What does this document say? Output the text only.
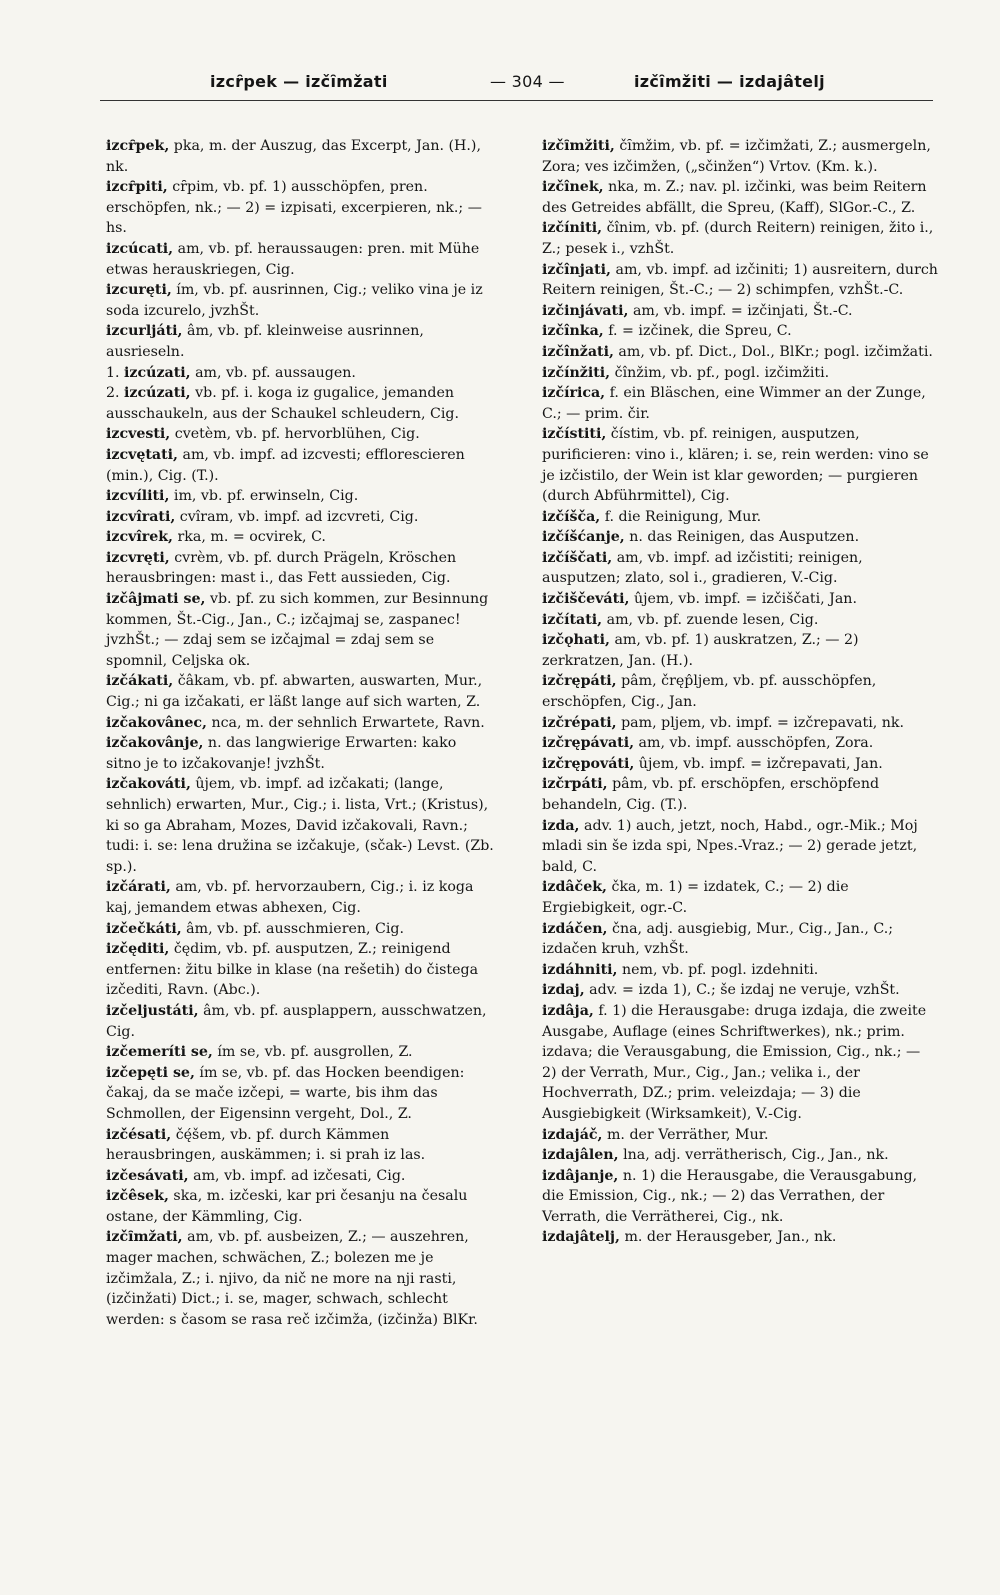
izcȓpek — izčȋmžati	— 304 —	izčȋmžiti — izdajâtelj
izcȓpek, pka, m. der Auszug, das Excerpt, Jan. (H.), nk.
izcȓpiti, cȓpim, vb. pf. 1) ausschöpfen, pren. erschöpfen, nk.; — 2) = izpisati, excerpieren, nk.; — hs.
izcúcati, am, vb. pf. heraussaugen: pren. mit Mühe etwas herauskriegen, Cig.
izcuręti, ím, vb. pf. ausrinnen, Cig.; veliko vina je iz soda izcurelo, jvzhŠt.
izcurljáti, âm, vb. pf. kleinweise ausrinnen, ausrieseln.
1. izcúzati, am, vb. pf. aussaugen.
2. izcúzati, vb. pf. i. koga iz gugalice, jemanden ausschaukeln, aus der Schaukel schleudern, Cig.
izcvesti, cvetèm, vb. pf. hervorblühen, Cig.
izcvętati, am, vb. impf. ad izcvesti; efflorescieren (min.), Cig. (T.).
izcvíliti, im, vb. pf. erwinseln, Cig.
izcvîrati, cvîram, vb. impf. ad izcvreti, Cig.
izcvîrek, rka, m. = ocvirek, C.
izcvręti, cvrèm, vb. pf. durch Prägeln, Kröschen herausbringen: mast i., das Fett aussieden, Cig.
izčâjmati se, vb. pf. zu sich kommen, zur Besinnung kommen, Št.-Cig., Jan., C.; izčajmaj se, zaspanec! jvzhŠt.; — zdaj sem se izčajmal = zdaj sem se spomnil, Celjska ok.
izčákati, čâkam, vb. pf. abwarten, auswarten, Mur., Cig.; ni ga izčakati, er läßt lange auf sich warten, Z.
izčakovânec, nca, m. der sehnlich Erwartete, Ravn.
izčakovânje, n. das langwierige Erwarten: kako sitno je to izčakovanje! jvzhŠt.
izčakováti, ûjem, vb. impf. ad izčakati; (lange, sehnlich) erwarten, Mur., Cig.; i. lista, Vrt.; (Kristus), ki so ga Abraham, Mozes, David izčakovali, Ravn.; tudi: i. se: lena družina se izčakuje, (sčak-) Levst. (Zb. sp.).
izčárati, am, vb. pf. hervorzaubern, Cig.; i. iz koga kaj, jemandem etwas abhexen, Cig.
izčečkáti, âm, vb. pf. ausschmieren, Cig.
izčęditi, čędim, vb. pf. ausputzen, Z.; reinigend entfernen: žitu bilke in klase (na rešetih) do čistega izčediti, Ravn. (Abc.).
izčeljustáti, âm, vb. pf. ausplappern, ausschwatzen, Cig.
izčemeríti se, ím se, vb. pf. ausgrollen, Z.
izčepęti se, ím se, vb. pf. das Hocken beendigen: čakaj, da se mače izčepi, = warte, bis ihm das Schmollen, der Eigensinn vergeht, Dol., Z.
izčésati, čę́šem, vb. pf. durch Kämmen herausbringen, auskämmen; i. si prah iz las.
izčesávati, am, vb. impf. ad izčesati, Cig.
izčêsek, ska, m. izčeski, kar pri česanju na česalu ostane, der Kämmling, Cig.
izčȋmžati, am, vb. pf. ausbeizen, Z.; — auszehren, mager machen, schwächen, Z.; bolezen me je izčimžala, Z.; i. njivo, da nič ne more na nji rasti, (izčinžati) Dict.; i. se, mager, schwach, schlecht werden: s časom se rasa reč izčimža, (izčinža) BlKr.
izčȋmžiti, čȋmžim, vb. pf. = izčimžati, Z.; ausmergeln, Zora; ves izčimžen, („sčinžen“) Vrtov. (Km. k.).
izčînek, nka, m. Z.; nav. pl. izčinki, was beim Reitern des Getreides abfällt, die Spreu, (Kaff), SlGor.-C., Z.
izčíniti, čînim, vb. pf. (durch Reitern) reinigen, žito i., Z.; pesek i., vzhŠt.
izčînjati, am, vb. impf. ad izčiniti; 1) ausreitern, durch Reitern reinigen, Št.-C.; — 2) schimpfen, vzhŠt.-C.
izčinjávati, am, vb. impf. = izčinjati, Št.-C.
izčînka, f. = izčinek, die Spreu, C.
izčînžati, am, vb. pf. Dict., Dol., BlKr.; pogl. izčimžati.
izčínžiti, čînžim, vb. pf., pogl. izčimžiti.
izčírica, f. ein Bläschen, eine Wimmer an der Zunge, C.; — prim. čir.
izčístiti, čístim, vb. pf. reinigen, ausputzen, purificieren: vino i., klären; i. se, rein werden: vino se je izčistilo, der Wein ist klar geworden; — purgieren (durch Abführmittel), Cig.
izčíšča, f. die Reinigung, Mur.
izčíšćanje, n. das Reinigen, das Ausputzen.
izčíščati, am, vb. impf. ad izčistiti; reinigen, ausputzen; zlato, sol i., gradieren, V.-Cig.
izčiščeváti, ûjem, vb. impf. = izčiščati, Jan.
izčítati, am, vb. pf. zuende lesen, Cig.
izčǫhati, am, vb. pf. 1) auskratzen, Z.; — 2) zerkratzen, Jan. (H.).
izčrępáti, pâm, čręp̂ljem, vb. pf. ausschöpfen, erschöpfen, Cig., Jan.
izčrépati, pam, pljem, vb. impf. = izčrepavati, nk.
izčrępávati, am, vb. impf. ausschöpfen, Zora.
izčrępováti, ûjem, vb. impf. = izčrepavati, Jan.
izčrpáti, pâm, vb. pf. erschöpfen, erschöpfend behandeln, Cig. (T.).
izda, adv. 1) auch, jetzt, noch, Habd., ogr.-Mik.; Moj mladi sin še izda spi, Npes.-Vraz.; — 2) gerade jetzt, bald, C.
izdâček, čka, m. 1) = izdatek, C.; — 2) die Ergiebigkeit, ogr.-C.
izdáčen, čna, adj. ausgiebig, Mur., Cig., Jan., C.; izdačen kruh, vzhŠt.
izdáhniti, nem, vb. pf. pogl. izdehniti.
izdaj, adv. = izda 1), C.; še izdaj ne veruje, vzhŠt.
izdâja, f. 1) die Herausgabe: druga izdaja, die zweite Ausgabe, Auflage (eines Schriftwerkes), nk.; prim. izdava; die Verausgabung, die Emission, Cig., nk.; — 2) der Verrath, Mur., Cig., Jan.; velika i., der Hochverrath, DZ.; prim. veleizdaja; — 3) die Ausgiebigkeit (Wirksamkeit), V.-Cig.
izdajáč, m. der Verräther, Mur.
izdajâlen, lna, adj. verrätherisch, Cig., Jan., nk.
izdâjanje, n. 1) die Herausgabe, die Verausgabung, die Emission, Cig., nk.; — 2) das Verrathen, der Verrath, die Verrätherei, Cig., nk.
izdajâtelj, m. der Herausgeber, Jan., nk.
